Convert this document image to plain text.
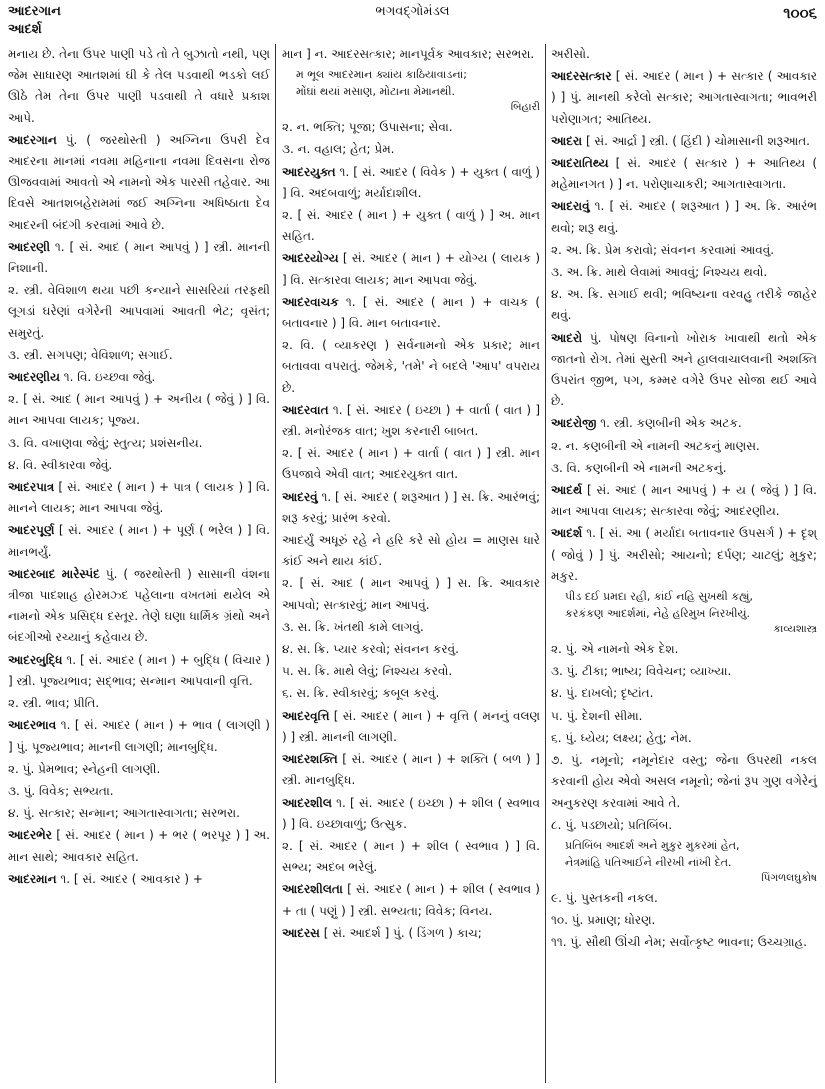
આદરગાન
આદર્શ
ભગવદ્ગોમંડલ	૧૦૦૬

મનાય છે. તેના ઉપર પાણી પડે તો તે બુઝાતો નથી, પણ જેમ સાધારણ આતશમાં ઘી કે તેલ પડવાથી ભડકો લઈ ઊઠે તેમ તેના ઉપર પાણી પડવાથી તે વધારે પ્રકાશ આપે.

આદરગાન પું. ( જરથોસ્તી ) અગ્નિના ઉપરી દેવ આદરના માનમાં નવમા મહિનાના નવમા દિવસના રોજ ઊજવવામાં આવતો એ નામનો એક પારસી તહેવાર. આ દિવસે આતશબહેરામમાં જઈ અગ્નિના અધિષ્ઠાતા દેવ આદરની બંદગી કરવામાં આવે છે.

આદરણી ૧. [ સં. આદ ( માન આપવું ) ] સ્ત્રી. માનની નિશાની.

૨. સ્ત્રી. વેવિશાળ થયા પછી કન્યાને સાસરિયાં તરફથી લૂગડાં ઘરેણાં વગેરેની આપવામાં આવતી ભેટ; વૃસંત; સમુરતું.

૩. સ્ત્રી. સગપણ; વેવિશાળ; સગાઈ.

આદરણીય ૧. વિ. ઇચ્છવા જેવું.

૨. [ સં. આદ ( માન આપવું ) + અનીય ( જેવું ) ] વિ. માન આપવા લાયક; પૂજ્ય.

૩. વિ. વખાણવા જેવું; સ્તુત્ય; પ્રશંસનીય.

૪. વિ. સ્વીકારવા જેવું.

આદરપાત્ર [ સં. આદર ( માન ) + પાત્ર ( લાયક ) ] વિ. માનને લાયક; માન આપવા જેવું.

આદરપૂર્ણ [ સં. આદર ( માન ) + પૂર્ણ ( ભરેલ ) ] વિ. માનભર્યું.

આદરબાદ મારેસ્પંદ પું. ( જરથોસ્તી ) સાસાની વંશના ત્રીજા પાદશાહ હોરમઝ્દ પહેલાના વખતમાં થયેલ એ નામનો એક પ્રસિદ્ધ દસ્તૂર. તેણે ઘણા ધાર્મિક ગ્રંથો અને બંદગીઓ રચ્યાનું કહેવાય છે.

આદરબુદ્ધિ ૧. [ સં. આદર ( માન ) + બુદ્ધિ ( વિચાર ) ] સ્ત્રી. પૂજ્યભાવ; સદ્ભાવ; સન્માન આપવાની વૃત્તિ.

૨. સ્ત્રી. ભાવ; પ્રીતિ.

આદરભાવ ૧. [ સં. આદર ( માન ) + ભાવ ( લાગણી ) ] પું. પૂજ્યભાવ; માનની લાગણી; માનબુદ્ધિ.

૨. પું. પ્રેમભાવ; સ્નેહની લાગણી.

૩. પું. વિવેક; સભ્યતા.

૪. પું. સત્કાર; સન્માન; આગતાસ્વાગતા; સરભરા.

આદરભેર [ સં. આદર ( માન ) + ભર ( ભરપૂર ) ] અ. માન સાથે; આવકાર સહિત.

આદરમાન ૧. [ સં. આદર ( આવકાર ) +

માન ] ન. આદરસત્કાર; માનપૂર્વક આવકાર; સરભરા.

મ ભૂલ આદરમાન ક્યાંય કાઠિયાવાડનાં;

મોંઘાં થયાં મસાણ, મોટાના મેમાનથી.

બિહારી

૨. ન. ભક્તિ; પૂજા; ઉપાસના; સેવા.

૩. ન. વહાલ; હેત; પ્રેમ.

આદરયુક્ત ૧. [ સં. આદર ( વિવેક ) + યુક્ત ( વાળું ) ] વિ. અદબવાળું; મર્યાદાશીલ.

૨. [ સં. આદર ( માન ) + યુક્ત ( વાળું ) ] અ. માન સહિત.

આદરયોગ્ય [ સં. આદર ( માન ) + યોગ્ય ( લાયક ) ] વિ. સત્કારવા લાયક; માન આપવા જેવું.

આદરવાચક ૧. [ સં. આદર ( માન ) + વાચક ( બતાવનાર ) ] વિ. માન બતાવનાર.

૨. વિ. ( વ્યાકરણ ) સર્વનામનો એક પ્રકાર; માન બતાવવા વપરાતું. જેમકે, 'તમે' ને બદલે 'આપ' વપરાય છે.

આદરવાત ૧. [ સં. આદર ( ઇચ્છા ) + વાર્તા ( વાત ) ] સ્ત્રી. મનોરંજક વાત; ખુશ કરનારી બાબત.

૨. [ સં. આદર ( માન ) + વાર્તા ( વાત ) ] સ્ત્રી. માન ઉપજાવે એવી વાત; આદરયુક્ત વાત.

આદરવું ૧. [ સં. આદર ( શરૂઆત ) ] સ. ક્રિ. આરંભવું; શરૂ કરવું; પ્રારંભ કરવો.

આદર્યું અધૂરું રહે ને હરિ કરે સો હોય = માણસ ધારે કાંઈ અને થાય કાંઈ.

૨. [ સં. આદ ( માન આપવું ) ] સ. ક્રિ. આવકાર આપવો; સત્કારવું; માન આપવું.

૩. સ. ક્રિ. ખંતથી કામે લાગવું.

૪. સ. ક્રિ. પ્યાર કરવો; સંવનન કરવું.

૫. સ. ક્રિ. માથે લેવું; નિશ્ચય કરવો.

૬. સ. ક્રિ. સ્વીકારવું; કબૂલ કરવું.

આદરવૃત્તિ [ સં. આદર ( માન ) + વૃત્તિ ( મનનું વલણ ) ] સ્ત્રી. માનની લાગણી.

આદરશક્તિ [ સં. આદર ( માન ) + શક્તિ ( બળ ) ] સ્ત્રી. માનબુદ્ધિ.

આદરશીલ ૧. [ સં. આદર ( ઇચ્છા ) + શીલ ( સ્વભાવ ) ] વિ. ઇચ્છાવાળું; ઉત્સુક.

૨. [ સં. આદર ( માન ) + શીલ ( સ્વભાવ ) ] વિ. સભ્ય; અદબ ભરેલું.

આદરશીલતા [ સં. આદર ( માન ) + શીલ ( સ્વભાવ ) + તા ( પણું ) ] સ્ત્રી. સભ્યતા; વિવેક; વિનય.

આદરસ [ સં. આદર્શ ] પું. ( ડિંગળ ) કાચ;

અરીસો.

આદરસત્કાર [ સં. આદર ( માન ) + સત્કાર ( આવકાર ) ] પું. માનથી કરેલો સત્કાર; આગતાસ્વાગતા; ભાવભરી પરોણાગત; આતિથ્ય.

આદરા [ સં. આર્દ્રા ] સ્ત્રી. ( હિંદી ) ચોમાસાની શરૂઆત.

આદરાતિથ્ય [ સં. આદર ( સત્કાર ) + આતિથ્ય ( મહેમાનગત ) ] ન. પરોણાચાકરી; આગતાસ્વાગતા.

આદરાવું ૧. [ સં. આદર ( શરૂઆત ) ] અ. ક્રિ. આરંભ થવો; શરૂ થવું.

૨. અ. ક્રિ. પ્રેમ કરાવો; સંવનન કરવામાં આવવું.

૩. અ. ક્રિ. માથે લેવામાં આવવું; નિશ્ચય થવો.

૪. અ. ક્રિ. સગાઈ થવી; ભવિષ્યના વરવહુ તરીકે જાહેર થવું.

આદરો પું. પોષણ વિનાનો ખોરાક ખાવાથી થતો એક જાતનો રોગ. તેમાં સુસ્તી અને હાલવાચાલવાની અશક્તિ ઉપરાંત જીભ, પગ, કમ્મર વગેરે ઉપર સોજા થઈ આવે છે.

આદરોજી ૧. સ્ત્રી. કણબીની એક અટક.

૨. ન. કણબીની એ નામની અટકનું માણસ.

૩. વિ. કણબીની એ નામની અટકનું.

આદર્થ [ સં. આદ ( માન આપવું ) + ય ( જેવું ) ] વિ. માન આપવા લાયક; સત્કારવા જેવું; આદરણીય.

આદર્શ ૧. [ સં. આ ( મર્યાદા બતાવનાર ઉપસર્ગ ) + દૃશ્ ( જોવું ) ] પું. અરીસો; આયનો; દર્પણ; ચાટલું; મુકુર; મકુર.

પીડ દઈ પ્રમદા રહી, કાંઈ નહિ સુખથી કહ્યું,

કરકંકણ આદર્શમાં, નેહે હરિમુખ નિરખીયું.

કાવ્યશાસ્ત્ર

૨. પું. એ નામનો એક દેશ.

૩. પું. ટીકા; ભાષ્ય; વિવેચન; વ્યાખ્યા.

૪. પું. દાખલો; દૃષ્ટાંત.

૫. પું. દેશની સીમા.

૬. પું. ધ્યેય; લક્ષ્ય; હેતુ; નેમ.

૭. પું. નમૂનો; નમૂનેદાર વસ્તુ; જેના ઉપરથી નકલ કરવાની હોય એવો અસલ નમૂનો; જેનાં રૂપ ગુણ વગેરેનું અનુકરણ કરવામાં આવે તે.

૮. પું. પડછાયો; પ્રતિબિંબ.

પ્રતિબિંબ આદર્શ અને મુકુર મુકરમાં હેત,

નેત્રમાંહિ પતિઆઈને નીરખી નાંખી દેત.

પિંગળલઘુકોષ

૯. પું. પુસ્તકની નકલ.

૧૦. પું. પ્રમાણ; ધોરણ.

૧૧. પું. સૌથી ઊંચી નેમ; સર્વોત્કૃષ્ટ ભાવના; ઉચ્ચગ્રાહ.
